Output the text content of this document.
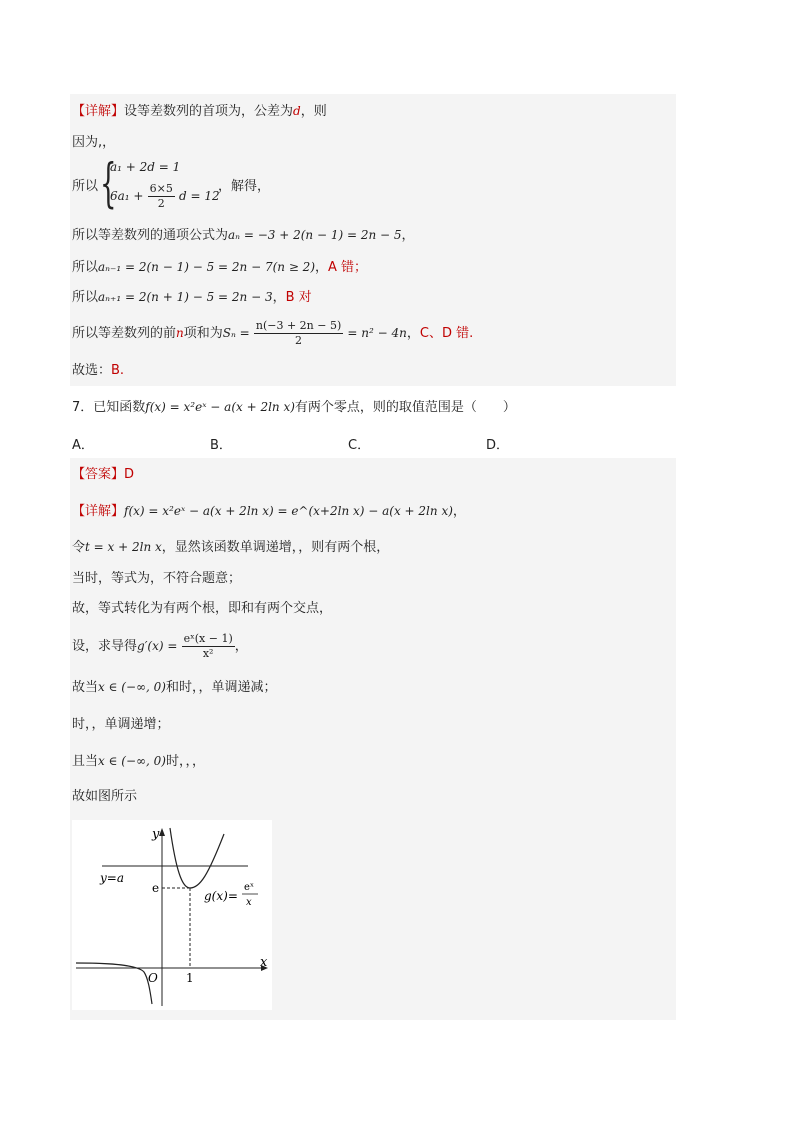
【详解】设等差数列的首项为，公差为d，则
因为,，
所以 {
a₁ + 2d = 1
$6a_1 + \frac{6\times 5}{2}$ d = 12
，解得，
所以等差数列的通项公式为aₙ = −3 + 2(n − 1) = 2n − 5，
所以aₙ₋₁ = 2(n − 1) − 5 = 2n − 7(n ≥ 2)，A 错；
所以aₙ₊₁ = 2(n + 1) − 5 = 2n − 3，B 对
所以等差数列的前n项和为$S_n = \frac{n(-3 + 2n - 5)}{2} = n^2 - 4n$，C、D 错.
故选：B.
7．已知函数f(x) = x²eˣ − a(x + 2ln x)有两个零点，则的取值范围是（　　）
A．	B．	C．	D．
【答案】D
【详解】f(x) = x²eˣ − a(x + 2ln x) = e^(x+2ln x) − a(x + 2ln x)，
令t = x + 2ln x，显然该函数单调递增，，则有两个根，
当时，等式为，不符合题意；
故，等式转化为有两个根，即和有两个交点，
设，求导得$g'(x) = \frac{\text{eˣ(x − 1)}}{\text{x²}}$ ，
故当x ∈ (−∞, 0)和时，，单调递减；
时，，单调递增；
且当x ∈ (−∞, 0)时，，，
故如图所示
y
x
O 1
e
y=a
g(x)=
eˣ
x
